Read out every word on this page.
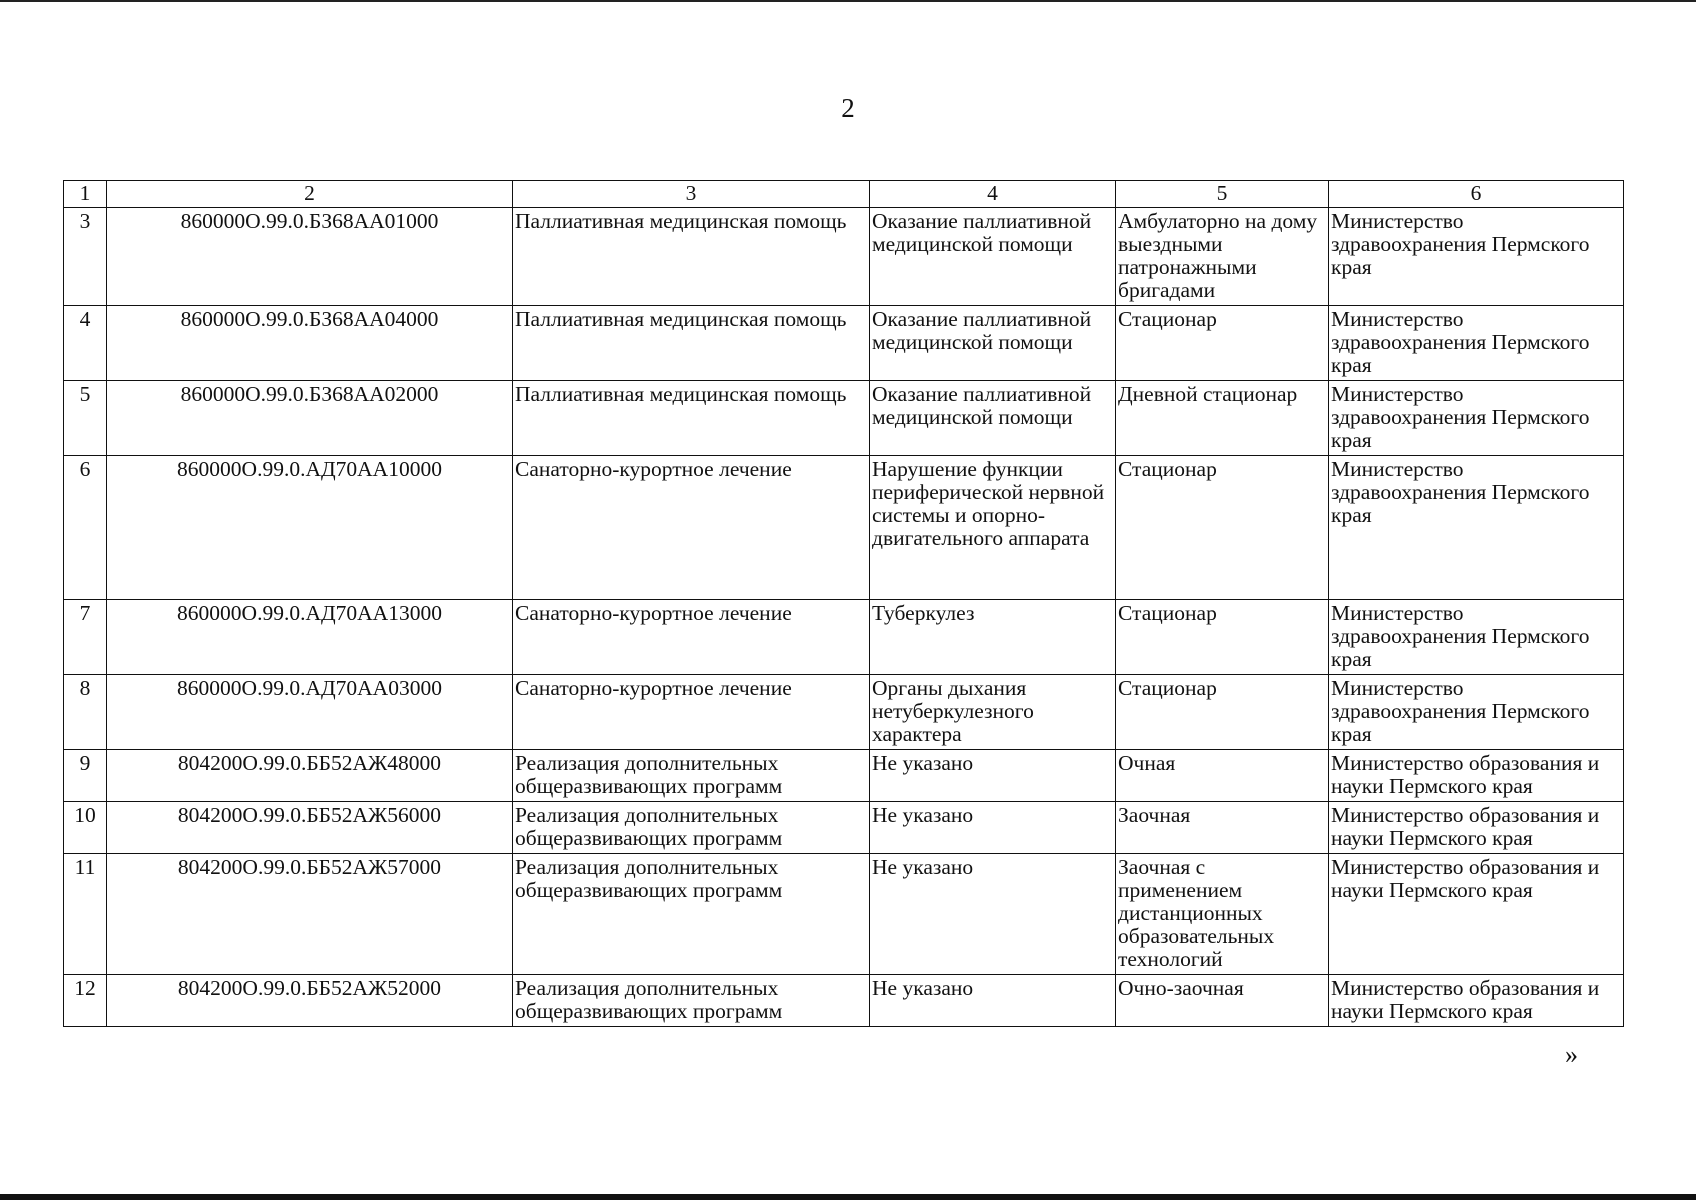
2
1	2	3	4	5	6
3	860000О.99.0.БЗ68АА01000	Паллиативная медицинская помощь	Оказание паллиативной медицинской помощи	Амбулаторно на дому выездными патронажными бригадами	Министерство здравоохранения Пермского края
4	860000О.99.0.БЗ68АА04000	Паллиативная медицинская помощь	Оказание паллиативной медицинской помощи	Стационар	Министерство здравоохранения Пермского края
5	860000О.99.0.БЗ68АА02000	Паллиативная медицинская помощь	Оказание паллиативной медицинской помощи	Дневной стационар	Министерство здравоохранения Пермского края
6	860000О.99.0.АД70АА10000	Санаторно-курортное лечение	Нарушение функции периферической нервной системы и опорно-двигательного аппарата	Стационар	Министерство здравоохранения Пермского края
7	860000О.99.0.АД70АА13000	Санаторно-курортное лечение	Туберкулез	Стационар	Министерство здравоохранения Пермского края
8	860000О.99.0.АД70АА03000	Санаторно-курортное лечение	Органы дыхания нетуберкулезного характера	Стационар	Министерство здравоохранения Пермского края
9	804200О.99.0.ББ52АЖ48000	Реализация дополнительных общеразвивающих программ	Не указано	Очная	Министерство образования и науки Пермского края
10	804200О.99.0.ББ52АЖ56000	Реализация дополнительных общеразвивающих программ	Не указано	Заочная	Министерство образования и науки Пермского края
11	804200О.99.0.ББ52АЖ57000	Реализация дополнительных общеразвивающих программ	Не указано	Заочная с применением дистанционных образовательных технологий	Министерство образования и науки Пермского края
12	804200О.99.0.ББ52АЖ52000	Реализация дополнительных общеразвивающих программ	Не указано	Очно-заочная	Министерство образования и науки Пермского края
»
